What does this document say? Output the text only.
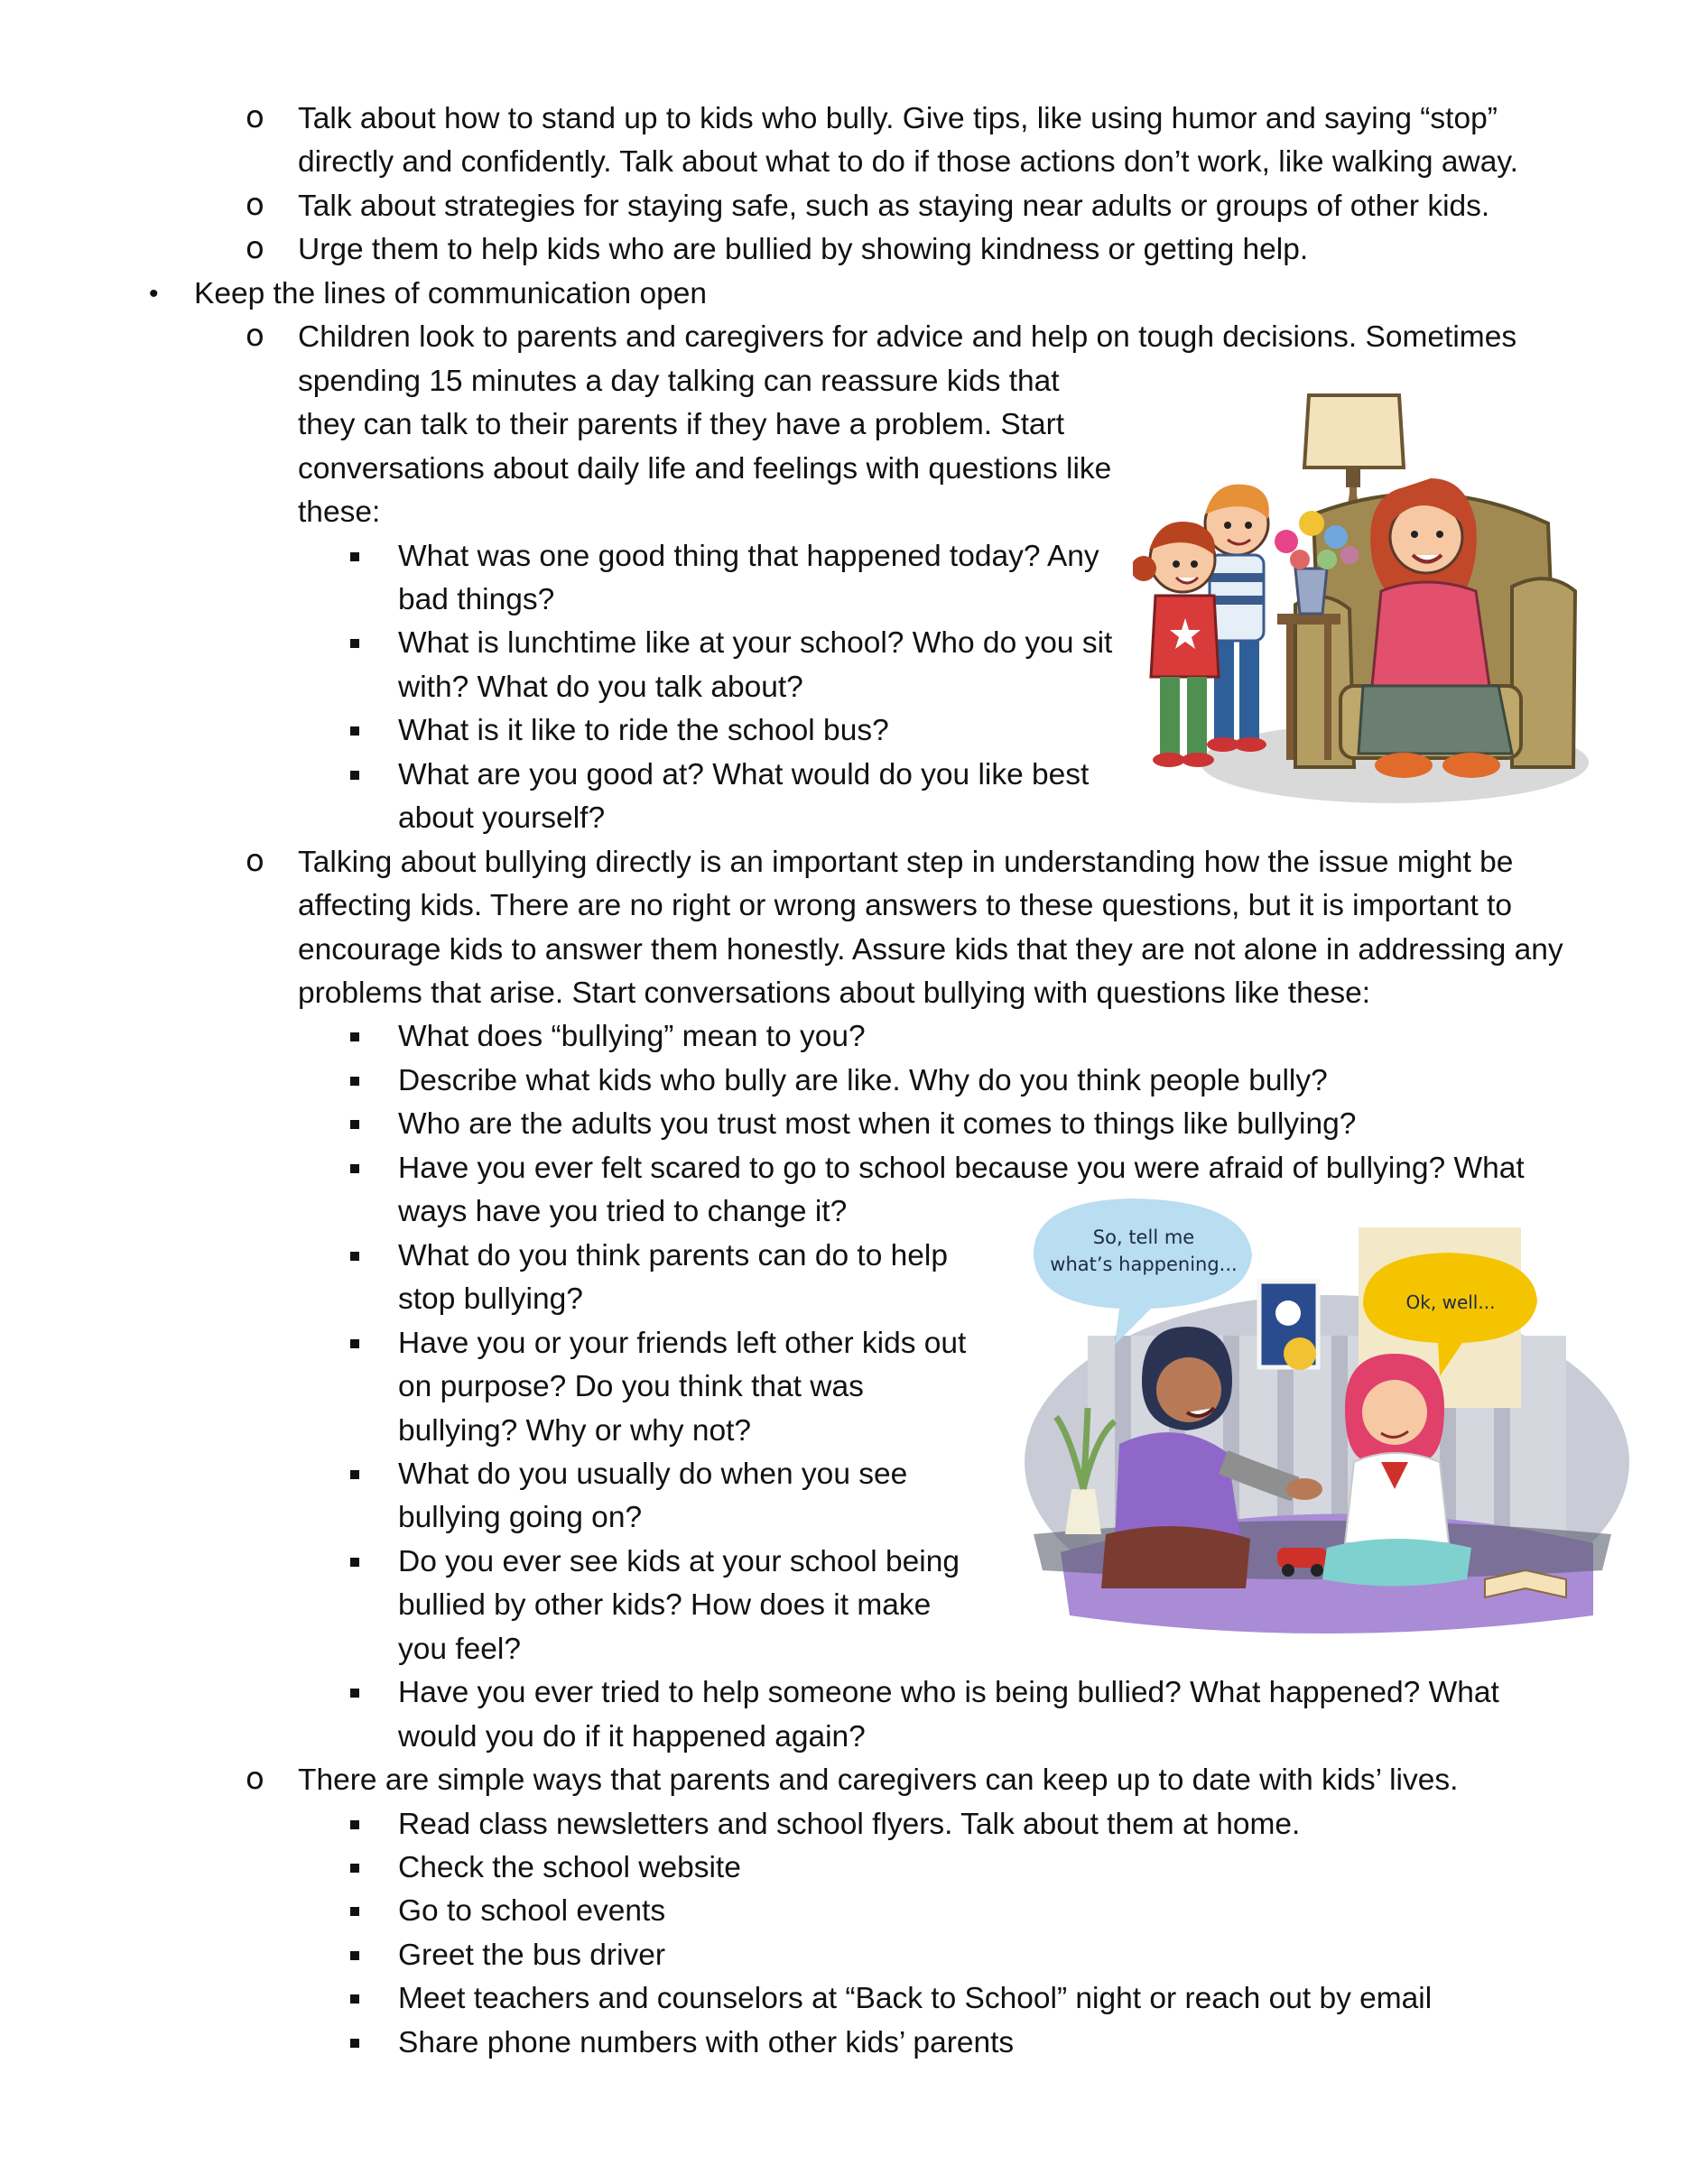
Talk about how to stand up to kids who bully. Give tips, like using humor and saying “stop”
o
directly and confidently. Talk about what to do if those actions don’t work, like walking away.
Talk about strategies for staying safe, such as staying near adults or groups of other kids.
o
Urge them to help kids who are bullied by showing kindness or getting help.
o
Keep the lines of communication open
•
Children look to parents and caregivers for advice and help on tough decisions. Sometimes
o
spending 15 minutes a day talking can reassure kids that
they can talk to their parents if they have a problem. Start
conversations about daily life and feelings with questions like
these:
What was one good thing that happened today? Any
bad things?
What is lunchtime like at your school? Who do you sit
with? What do you talk about?
What is it like to ride the school bus?
What are you good at? What would do you like best
about yourself?
Talking about bullying directly is an important step in understanding how the issue might be
o
affecting kids. There are no right or wrong answers to these questions, but it is important to
encourage kids to answer them honestly. Assure kids that they are not alone in addressing any
problems that arise. Start conversations about bullying with questions like these:
What does “bullying” mean to you?
Describe what kids who bully are like. Why do you think people bully?
Who are the adults you trust most when it comes to things like bullying?
Have you ever felt scared to go to school because you were afraid of bullying? What
ways have you tried to change it?
What do you think parents can do to help
stop bullying?
Have you or your friends left other kids out
on purpose? Do you think that was
bullying? Why or why not?
What do you usually do when you see
bullying going on?
Do you ever see kids at your school being
bullied by other kids? How does it make
you feel?
Have you ever tried to help someone who is being bullied? What happened? What
would you do if it happened again?
There are simple ways that parents and caregivers can keep up to date with kids’ lives.
o
Read class newsletters and school flyers. Talk about them at home.
Check the school website
Go to school events
Greet the bus driver
Meet teachers and counselors at “Back to School” night or reach out by email
Share phone numbers with other kids’ parents
So, tell me
what’s happening...
Ok, well...
